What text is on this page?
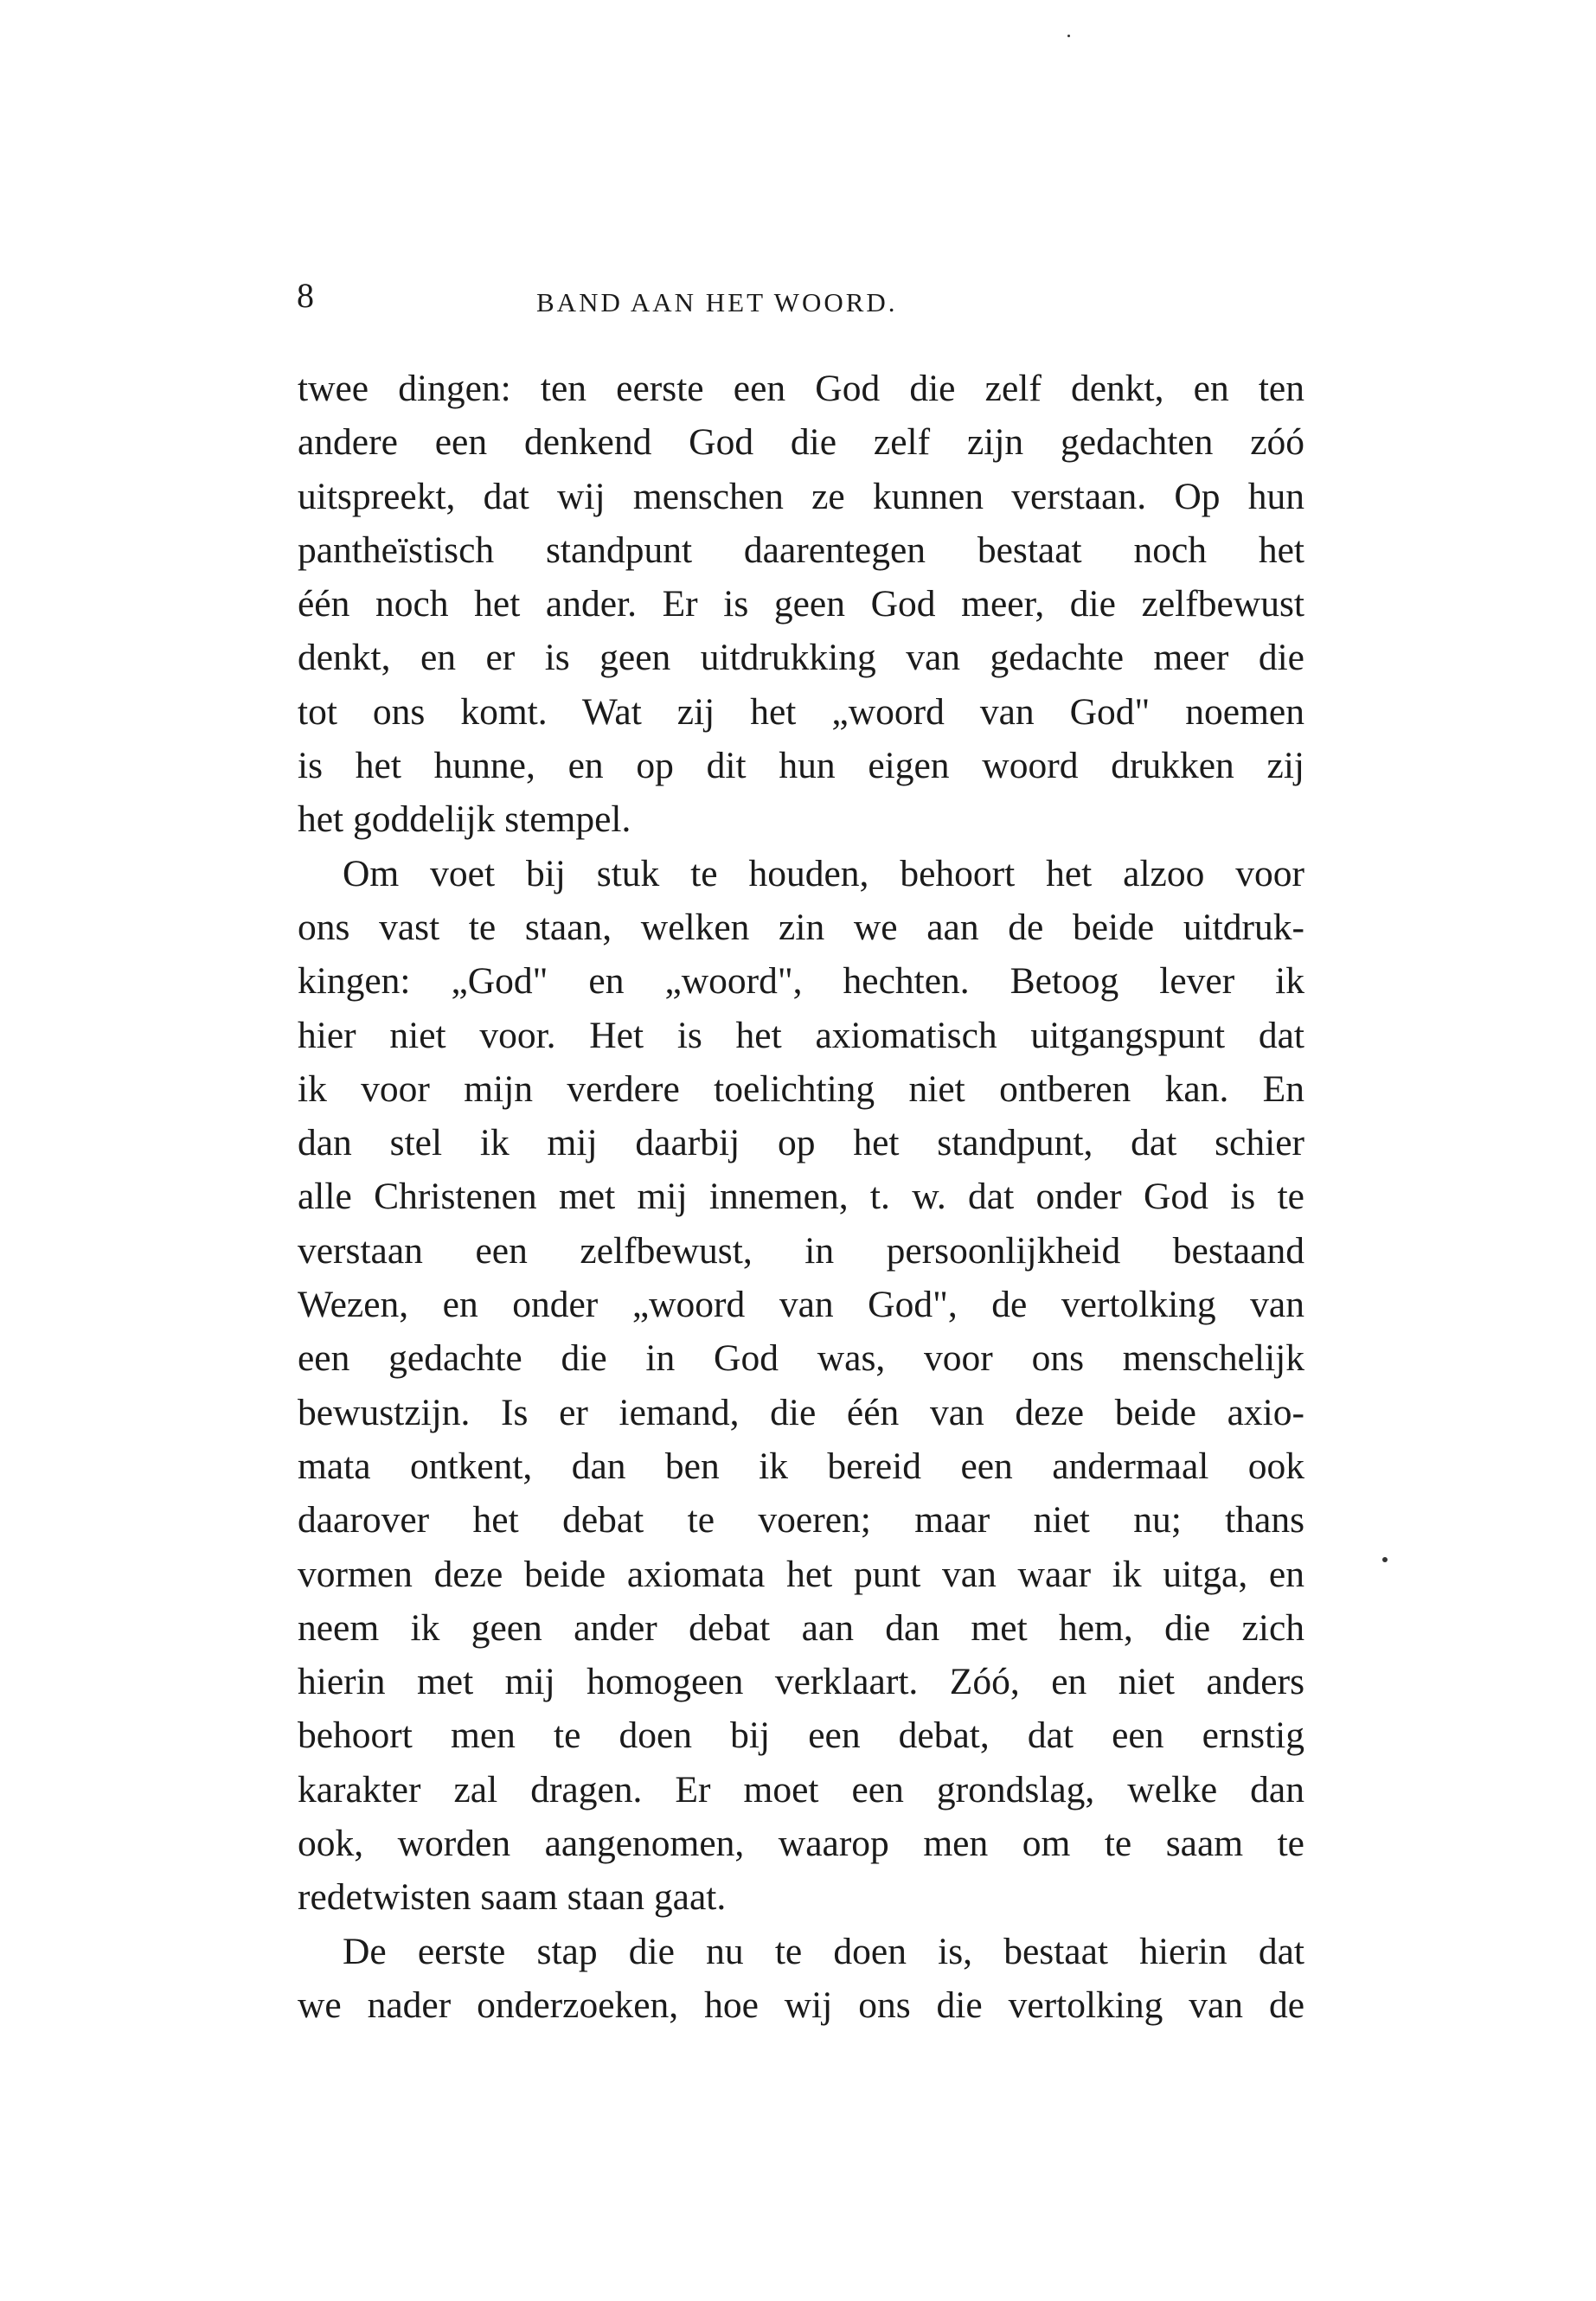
8	BAND AAN HET WOORD.
twee dingen: ten eerste een God die zelf denkt, en ten
andere een denkend God die zelf zijn gedachten zóó
uitspreekt, dat wij menschen ze kunnen verstaan. Op hun
pantheïstisch standpunt daarentegen bestaat noch het
één noch het ander. Er is geen God meer, die zelfbewust
denkt, en er is geen uitdrukking van gedachte meer die
tot ons komt. Wat zij het „woord van God" noemen
is het hunne, en op dit hun eigen woord drukken zij
het goddelijk stempel.
Om voet bij stuk te houden, behoort het alzoo voor
ons vast te staan, welken zin we aan de beide uitdruk-
kingen: „God" en „woord", hechten. Betoog lever ik
hier niet voor. Het is het axiomatisch uitgangspunt dat
ik voor mijn verdere toelichting niet ontberen kan. En
dan stel ik mij daarbij op het standpunt, dat schier
alle Christenen met mij innemen, t. w. dat onder God is te
verstaan een zelfbewust, in persoonlijkheid bestaand
Wezen, en onder „woord van God", de vertolking van
een gedachte die in God was, voor ons menschelijk
bewustzijn. Is er iemand, die één van deze beide axio-
mata ontkent, dan ben ik bereid een andermaal ook
daarover het debat te voeren; maar niet nu; thans
vormen deze beide axiomata het punt van waar ik uitga, en
neem ik geen ander debat aan dan met hem, die zich
hierin met mij homogeen verklaart. Zóó, en niet anders
behoort men te doen bij een debat, dat een ernstig
karakter zal dragen. Er moet een grondslag, welke dan
ook, worden aangenomen, waarop men om te saam te
redetwisten saam staan gaat.
De eerste stap die nu te doen is, bestaat hierin dat
we nader onderzoeken, hoe wij ons die vertolking van de
